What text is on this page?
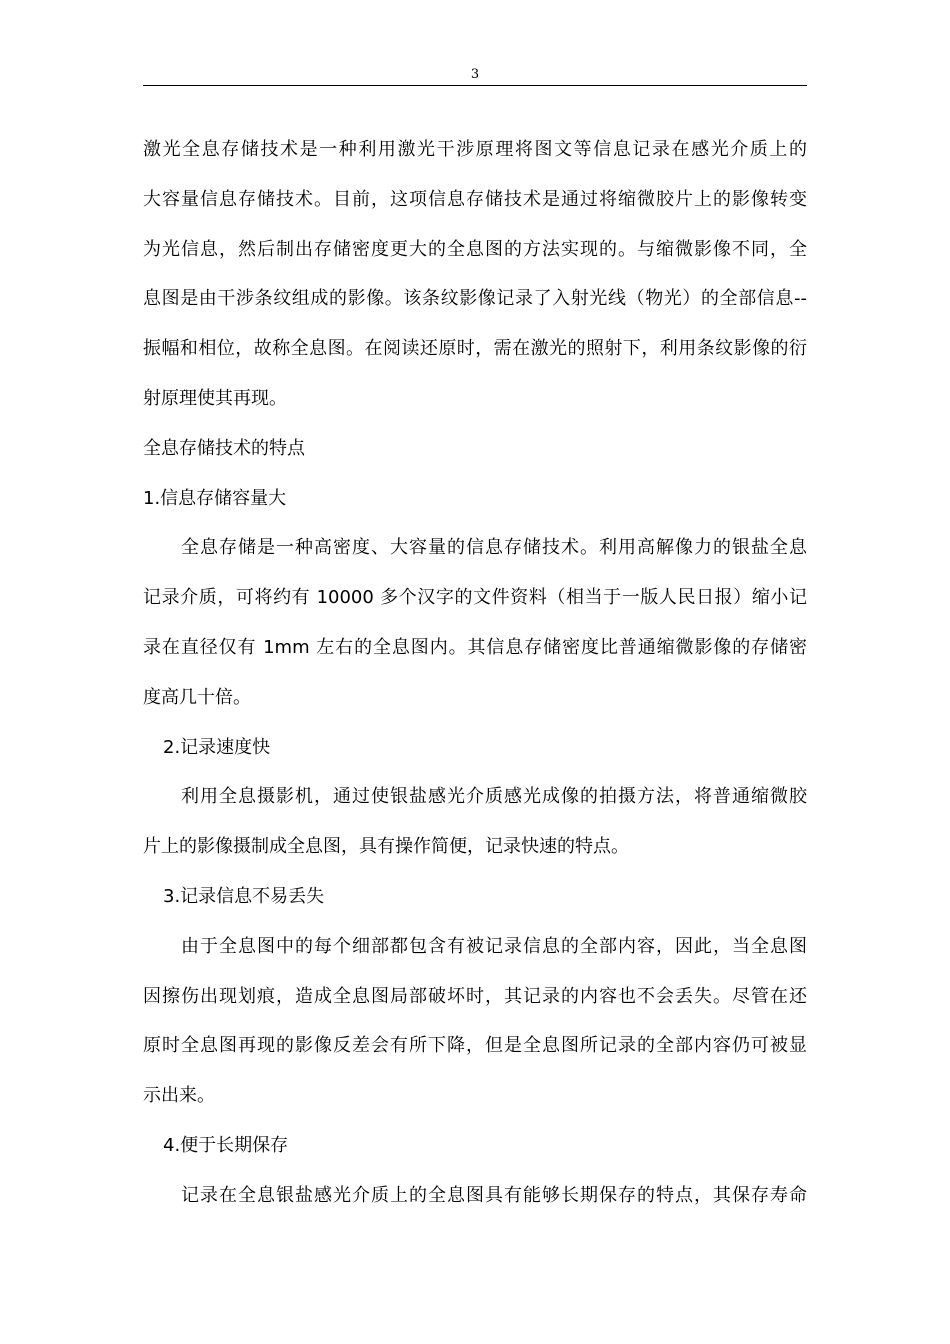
3
激光全息存储技术是一种利用激光干涉原理将图文等信息记录在感光介质上的
大容量信息存储技术。目前，这项信息存储技术是通过将缩微胶片上的影像转变
为光信息，然后制出存储密度更大的全息图的方法实现的。与缩微影像不同，全
息图是由干涉条纹组成的影像。该条纹影像记录了入射光线（物光）的全部信息--
振幅和相位，故称全息图。在阅读还原时，需在激光的照射下，利用条纹影像的衍
射原理使其再现。
全息存储技术的特点
1.信息存储容量大
全息存储是一种高密度、大容量的信息存储技术。利用高解像力的银盐全息
记录介质，可将约有 10000 多个汉字的文件资料（相当于一版人民日报）缩小记
录在直径仅有 1mm 左右的全息图内。其信息存储密度比普通缩微影像的存储密
度高几十倍。
2.记录速度快
利用全息摄影机，通过使银盐感光介质感光成像的拍摄方法，将普通缩微胶
片上的影像摄制成全息图，具有操作简便，记录快速的特点。
3.记录信息不易丢失
由于全息图中的每个细部都包含有被记录信息的全部内容，因此，当全息图
因擦伤出现划痕，造成全息图局部破坏时，其记录的内容也不会丢失。尽管在还
原时全息图再现的影像反差会有所下降，但是全息图所记录的全部内容仍可被显
示出来。
4.便于长期保存
记录在全息银盐感光介质上的全息图具有能够长期保存的特点，其保存寿命
